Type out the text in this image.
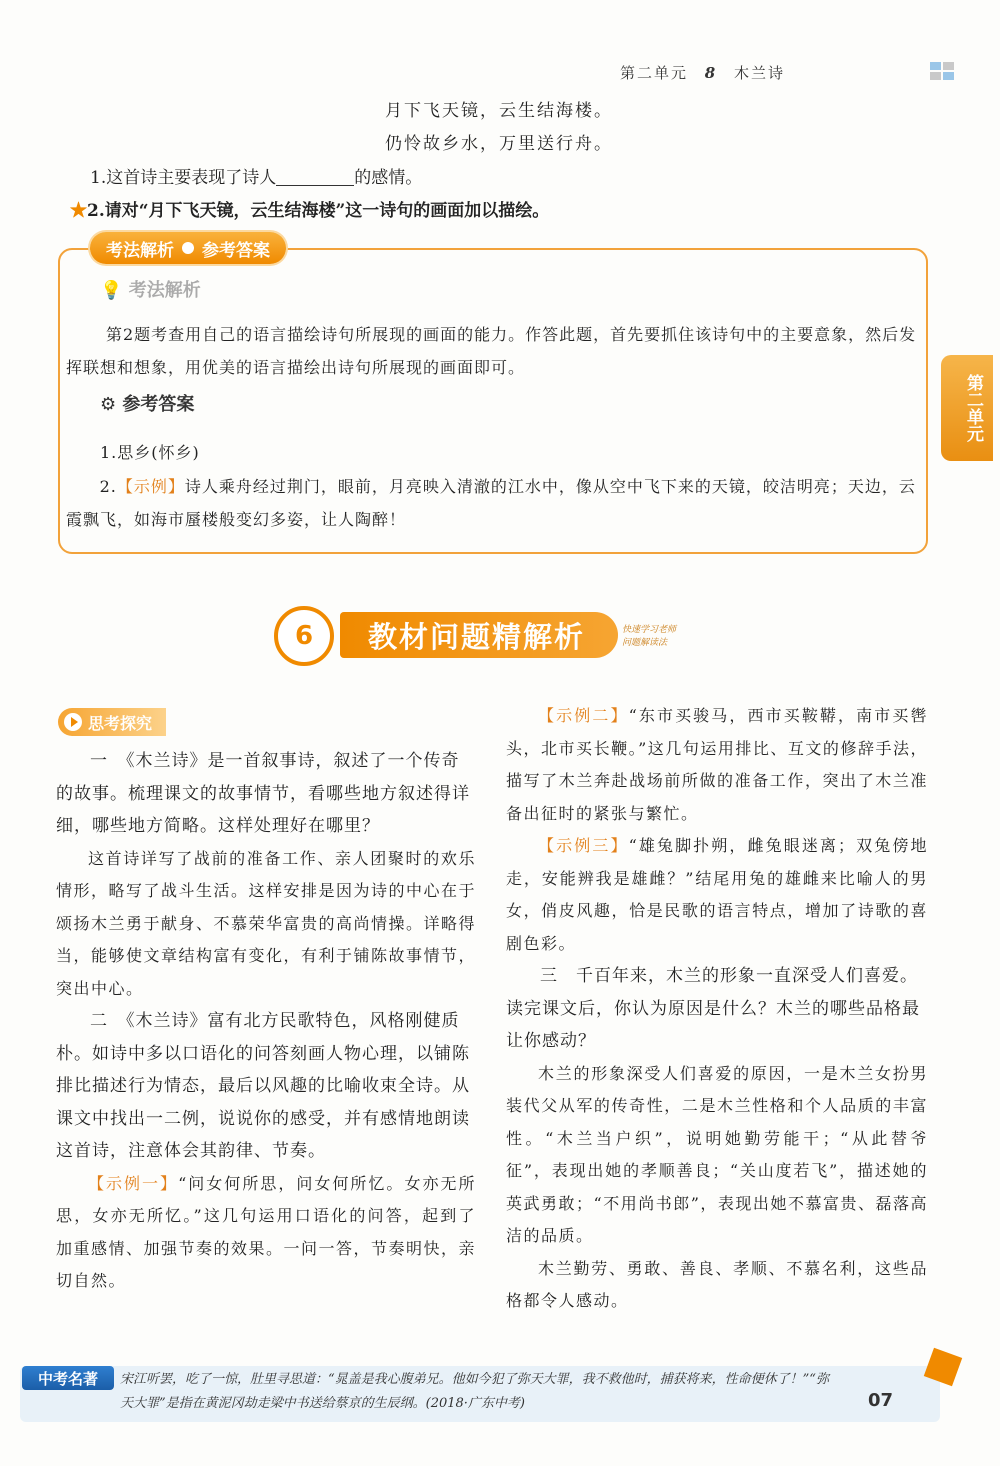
第二单元 8 木兰诗
月下飞天镜，云生结海楼。
仍怜故乡水，万里送行舟。
1.这首诗主要表现了诗人	的感情。
★2.请对“月下飞天镜，云生结海楼”这一诗句的画面加以描绘。
考法解析 参考答案
💡 考法解析
第2题考查用自己的语言描绘诗句所展现的画面的能力。作答此题，首先要抓住该诗句中的主要意象，然后发挥联想和想象，用优美的语言描绘出诗句所展现的画面即可。
⚙ 参考答案
1.思乡(怀乡)
2.【示例】诗人乘舟经过荆门，眼前，月亮映入清澈的江水中，像从空中飞下来的天镜，皎洁明亮；天边，云霞飘飞，如海市蜃楼般变幻多姿，让人陶醉！
第二单元
教材问题精解析
6	快速学习老师
问题解读法
思考探究

一　《木兰诗》是一首叙事诗，叙述了一个传奇的故事。梳理课文的故事情节，看哪些地方叙述得详细，哪些地方简略。这样处理好在哪里？

这首诗详写了战前的准备工作、亲人团聚时的欢乐情形，略写了战斗生活。这样安排是因为诗的中心在于颂扬木兰勇于献身、不慕荣华富贵的高尚情操。详略得当，能够使文章结构富有变化，有利于铺陈故事情节，突出中心。

二　《木兰诗》富有北方民歌特色，风格刚健质朴。如诗中多以口语化的问答刻画人物心理，以铺陈排比描述行为情态，最后以风趣的比喻收束全诗。从课文中找出一二例，说说你的感受，并有感情地朗读这首诗，注意体会其韵律、节奏。

【示例一】“问女何所思，问女何所忆。女亦无所思，女亦无所忆。”这几句运用口语化的问答，起到了加重感情、加强节奏的效果。一问一答，节奏明快，亲切自然。

【示例二】“东市买骏马，西市买鞍鞯，南市买辔头，北市买长鞭。”这几句运用排比、互文的修辞手法，描写了木兰奔赴战场前所做的准备工作，突出了木兰准备出征时的紧张与繁忙。

【示例三】“雄兔脚扑朔，雌兔眼迷离；双兔傍地走，安能辨我是雄雌？”结尾用兔的雄雌来比喻人的男女，俏皮风趣，恰是民歌的语言特点，增加了诗歌的喜剧色彩。

三　千百年来，木兰的形象一直深受人们喜爱。读完课文后，你认为原因是什么？木兰的哪些品格最让你感动？

木兰的形象深受人们喜爱的原因，一是木兰女扮男装代父从军的传奇性，二是木兰性格和个人品质的丰富性。“木兰当户织”，说明她勤劳能干；“从此替爷征”，表现出她的孝顺善良；“关山度若飞”，描述她的英武勇敢；“不用尚书郎”，表现出她不慕富贵、磊落高洁的品质。

木兰勤劳、勇敢、善良、孝顺、不慕名利，这些品格都令人感动。

中考名著	宋江听罢，吃了一惊，肚里寻思道：“晁盖是我心腹弟兄。他如今犯了弥天大罪，我不救他时，捕获将来，性命便休了！”“弥天大罪”是指在黄泥冈劫走梁中书送给蔡京的生辰纲。(2018·广东中考)	07
